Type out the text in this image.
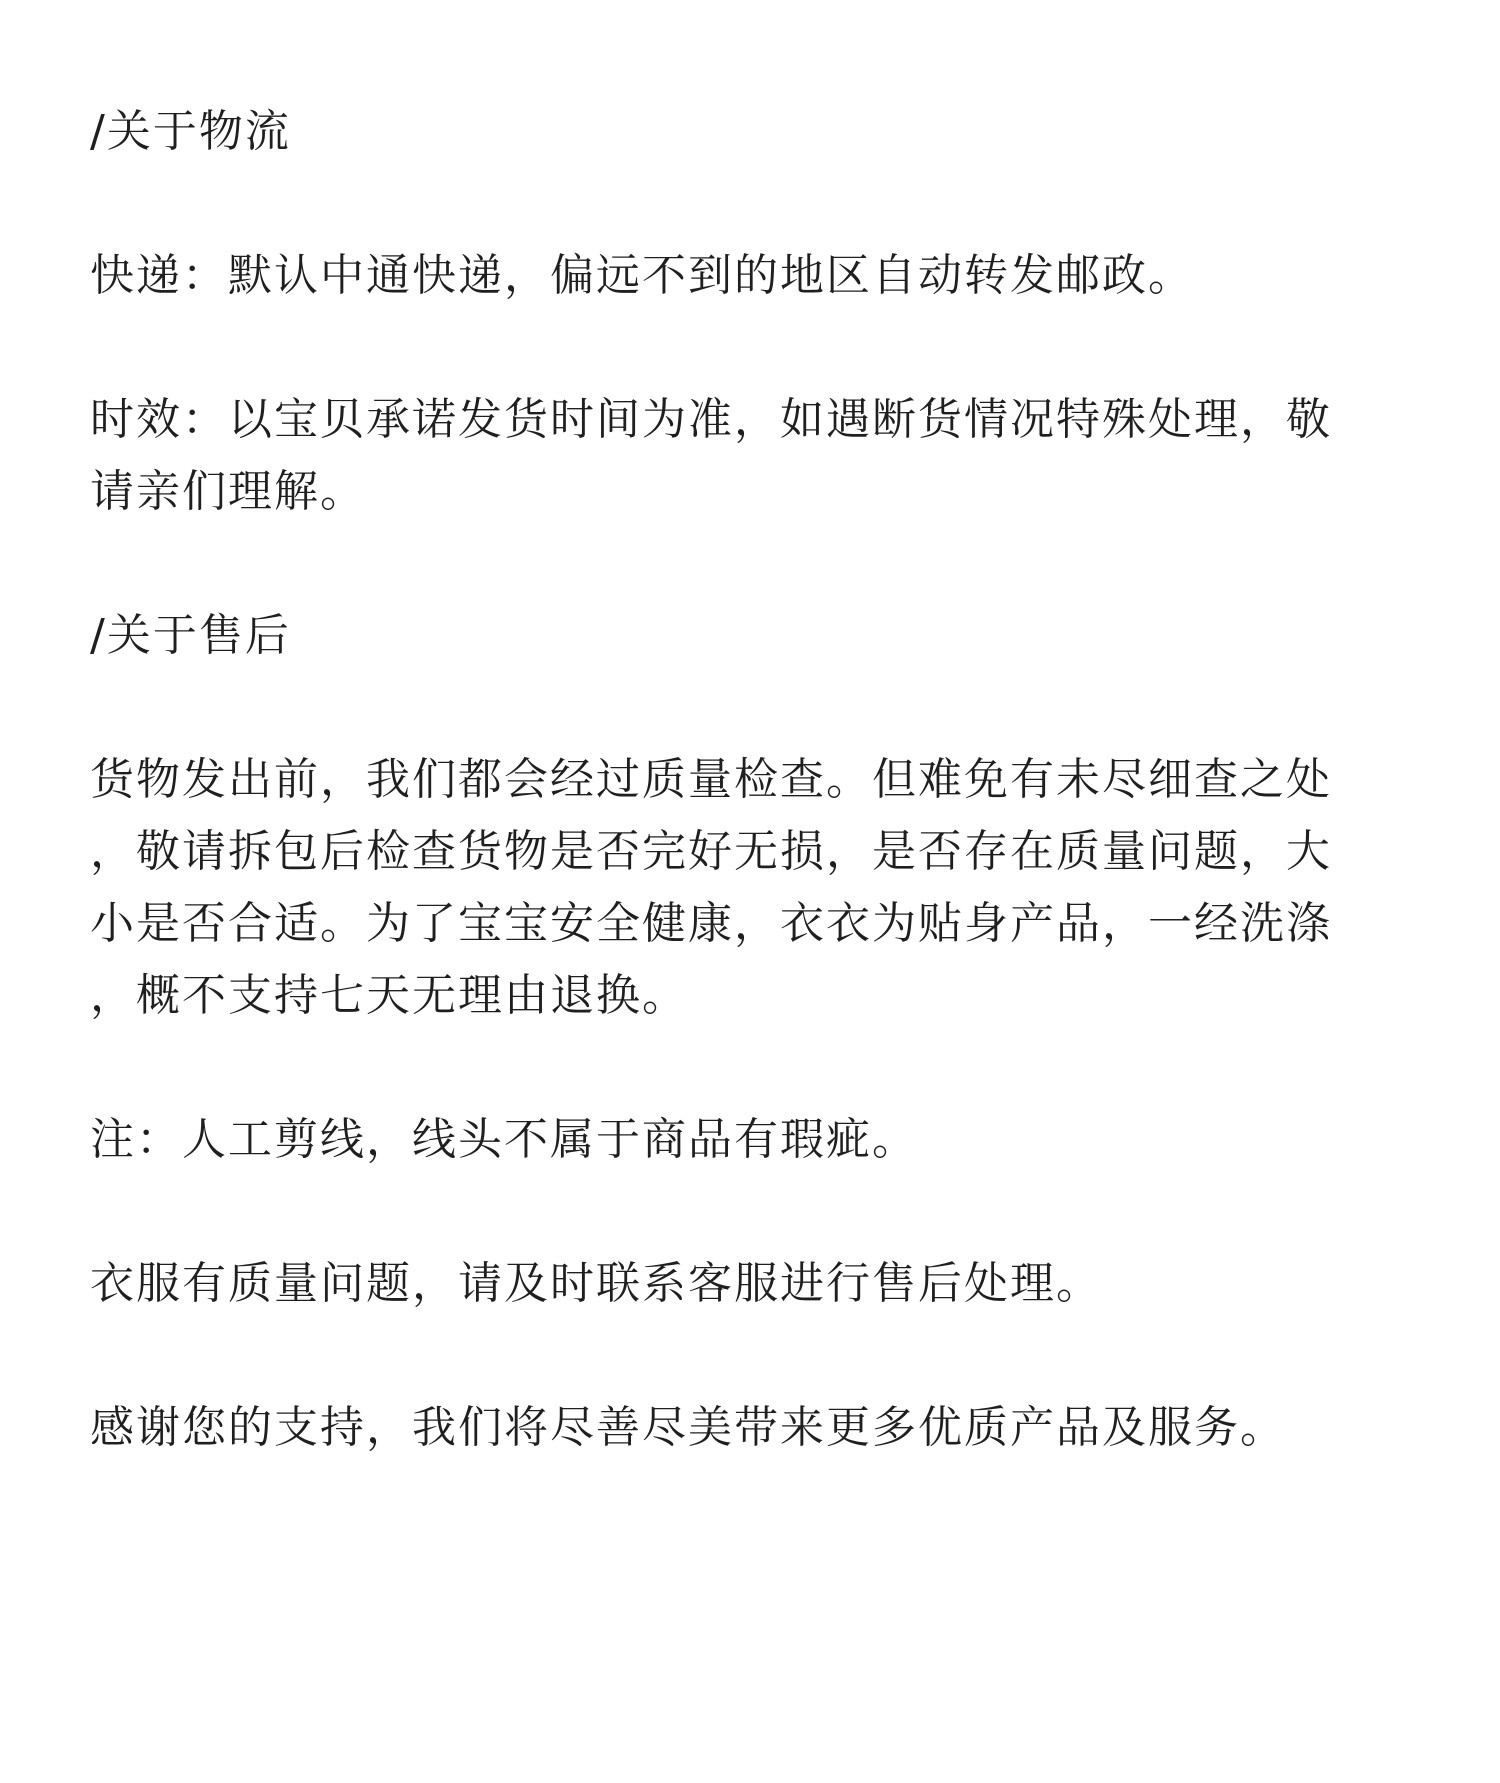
/关于物流
快递：默认中通快递，偏远不到的地区自动转发邮政。
时效：以宝贝承诺发货时间为准，如遇断货情况特殊处理，敬
请亲们理解。
/关于售后
货物发出前，我们都会经过质量检查。但难免有未尽细查之处
，敬请拆包后检查货物是否完好无损，是否存在质量问题，大
小是否合适。为了宝宝安全健康，衣衣为贴身产品，一经洗涤
，概不支持七天无理由退换。
注：人工剪线，线头不属于商品有瑕疵。
衣服有质量问题，请及时联系客服进行售后处理。
感谢您的支持，我们将尽善尽美带来更多优质产品及服务。
